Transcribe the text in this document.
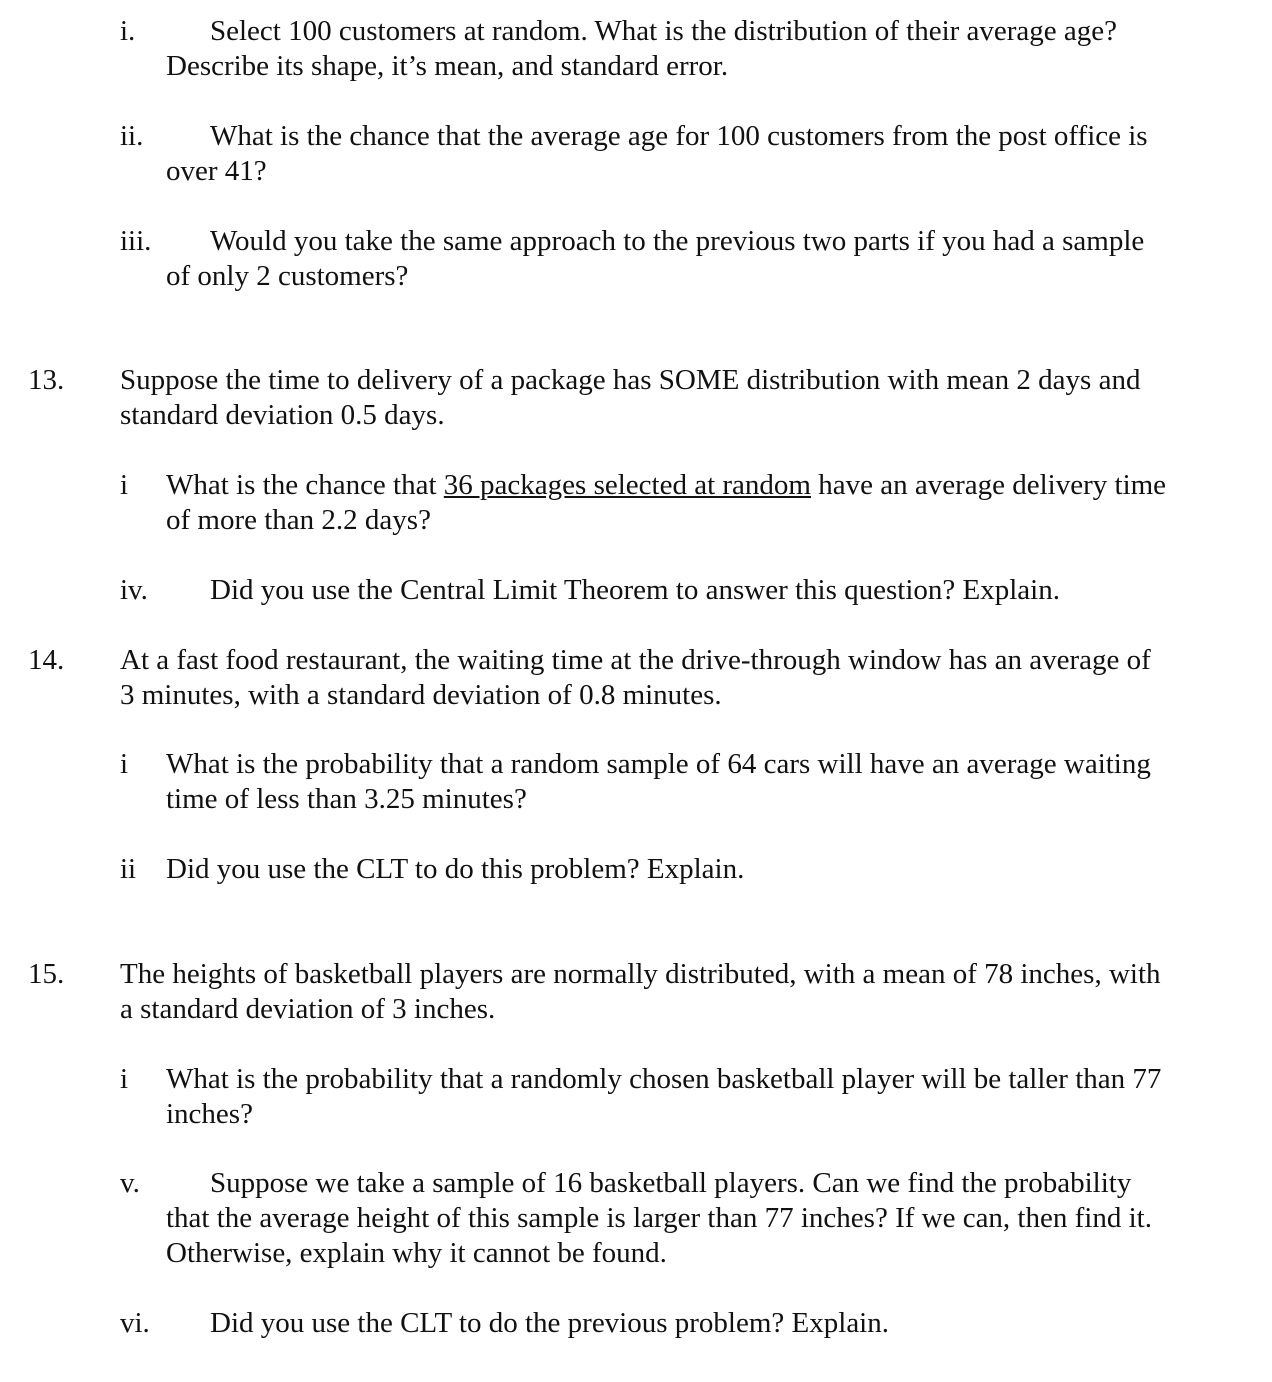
i.	Select 100 customers at random. What is the distribution of their average age?

Describe its shape, it’s mean, and standard error.

ii. What is the chance that the average age for 100 customers from the post office is

over 41?

iii. Would you take the same approach to the previous two parts if you had a sample

of only 2 customers?

13. Suppose the time to delivery of a package has SOME distribution with mean 2 days and

standard deviation 0.5 days.

i What is the chance that 36 packages selected at random have an average delivery time

of more than 2.2 days?

iv. Did you use the Central Limit Theorem to answer this question? Explain.

14. At a fast food restaurant, the waiting time at the drive-through window has an average of

3 minutes, with a standard deviation of 0.8 minutes.

i What is the probability that a random sample of 64 cars will have an average waiting

time of less than 3.25 minutes?

ii Did you use the CLT to do this problem? Explain.

15. The heights of basketball players are normally distributed, with a mean of 78 inches, with

a standard deviation of 3 inches.

i What is the probability that a randomly chosen basketball player will be taller than 77

inches?

v. Suppose we take a sample of 16 basketball players. Can we find the probability

that the average height of this sample is larger than 77 inches? If we can, then find it.

Otherwise, explain why it cannot be found.

vi. Did you use the CLT to do the previous problem? Explain.
